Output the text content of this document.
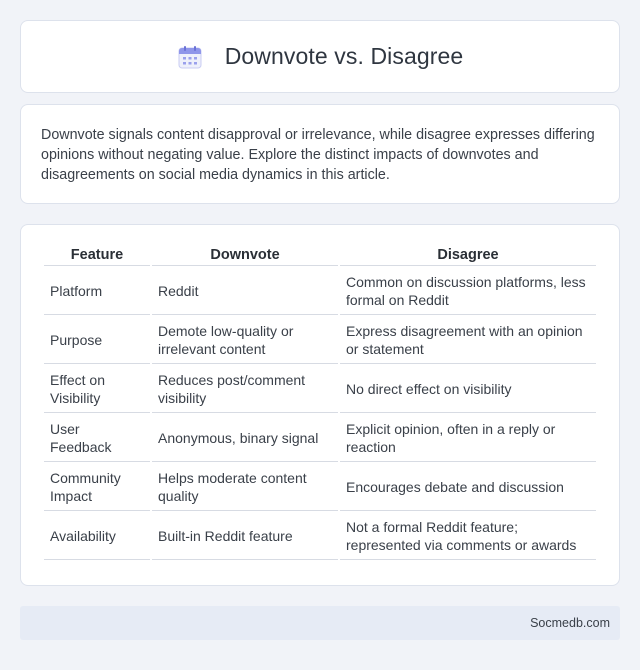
Downvote vs. Disagree

Downvote signals content disapproval or irrelevance, while disagree expresses differing opinions without negating value. Explore the distinct impacts of downvotes and disagreements on social media dynamics in this article.

Feature	Downvote	Disagree
Platform	Reddit	Common on discussion platforms, less formal on Reddit
Purpose	Demote low-quality or irrelevant content	Express disagreement with an opinion or statement
Effect on Visibility	Reduces post/comment visibility	No direct effect on visibility
User Feedback	Anonymous, binary signal	Explicit opinion, often in a reply or reaction
Community Impact	Helps moderate content quality	Encourages debate and discussion
Availability	Built-in Reddit feature	Not a formal Reddit feature; represented via comments or awards
Socmedb.com
